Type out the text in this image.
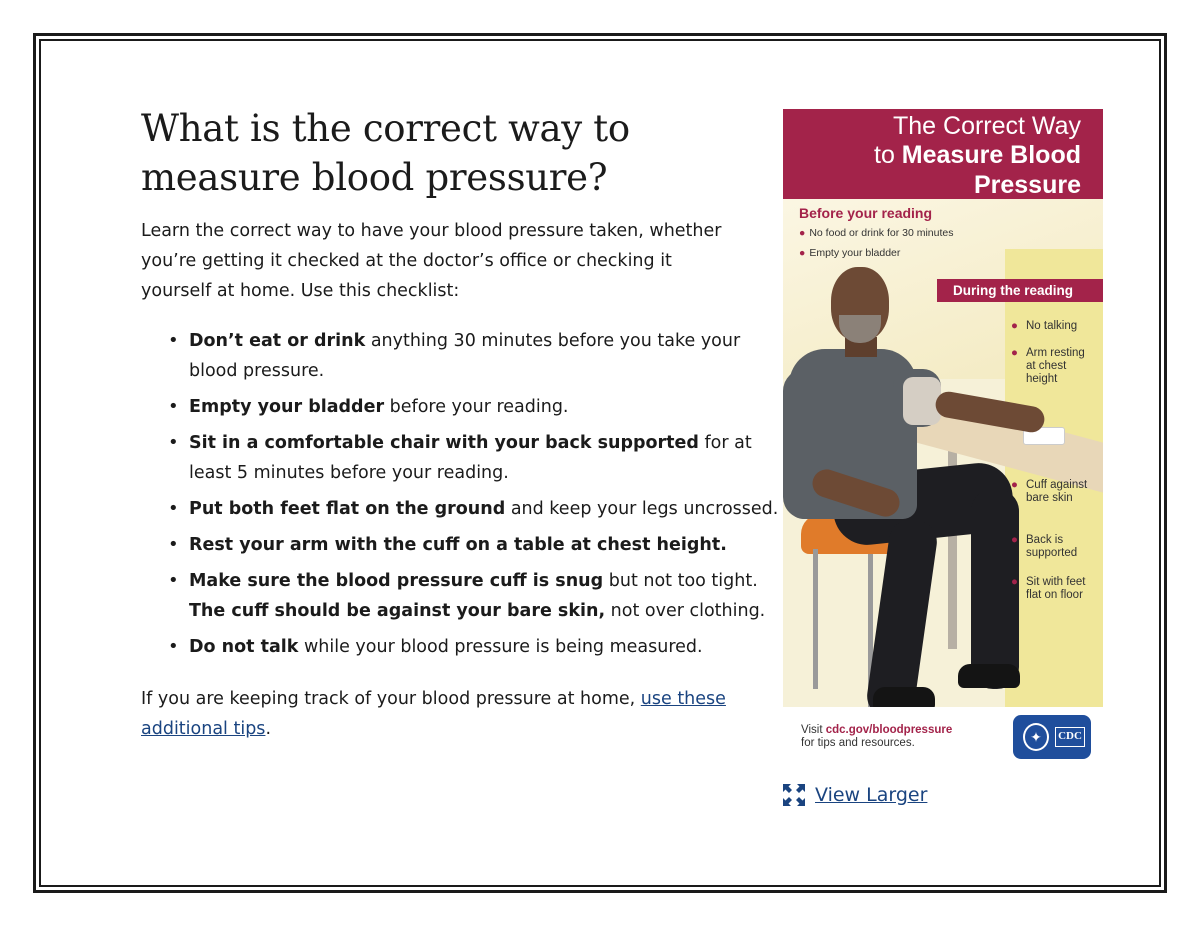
What is the correct way to measure blood pressure?

Learn the correct way to have your blood pressure taken, whether you’re getting it checked at the doctor’s office or checking it yourself at home. Use this checklist:

• Don’t eat or drink anything 30 minutes before you take your blood pressure.
• Empty your bladder before your reading.
• Sit in a comfortable chair with your back supported for at least 5 minutes before your reading.
• Put both feet flat on the ground and keep your legs uncrossed.
• Rest your arm with the cuff on a table at chest height.
• Make sure the blood pressure cuff is snug but not too tight. The cuff should be against your bare skin, not over clothing.
• Do not talk while your blood pressure is being measured.

If you are keeping track of your blood pressure at home, use these additional tips.

The Correct Way
to Measure Blood
Pressure
Before your reading
● No food or drink for 30 minutes
● Empty your bladder
During the reading
● No talking
● Arm resting at chest height
● Cuff against bare skin
● Back is supported
● Sit with feet flat on floor
Visit cdc.gov/bloodpressure
for tips and resources.	✦	CDC
View Larger
